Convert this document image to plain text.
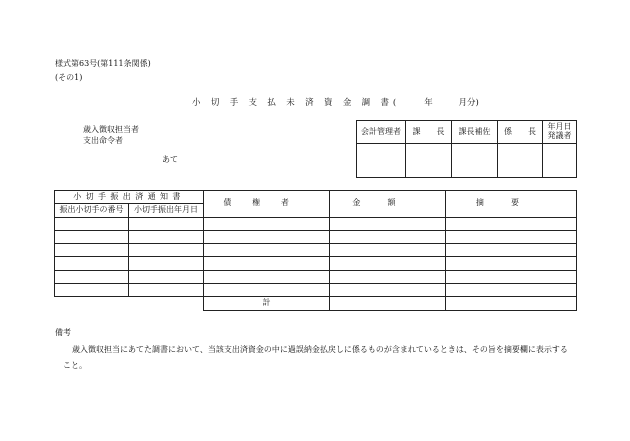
様式第63号(第111条関係)
(その1)
小 切 手 支 払 未 済 資 金 調 書(	年	月分)
歳入徴収担当者
支出命令者
あて
会計管理者	課　　長	課長補佐	係　　長	年月日
発議者

小切手振出済通知書		債権者	金額	摘要
振出小切手の番号	小切手振出年月日			

		計		
備考
歳入徴収担当にあてた調書において、当該支出済資金の中に過誤納金払戻しに係るものが含まれているときは、その旨を摘要欄に表示すること。
